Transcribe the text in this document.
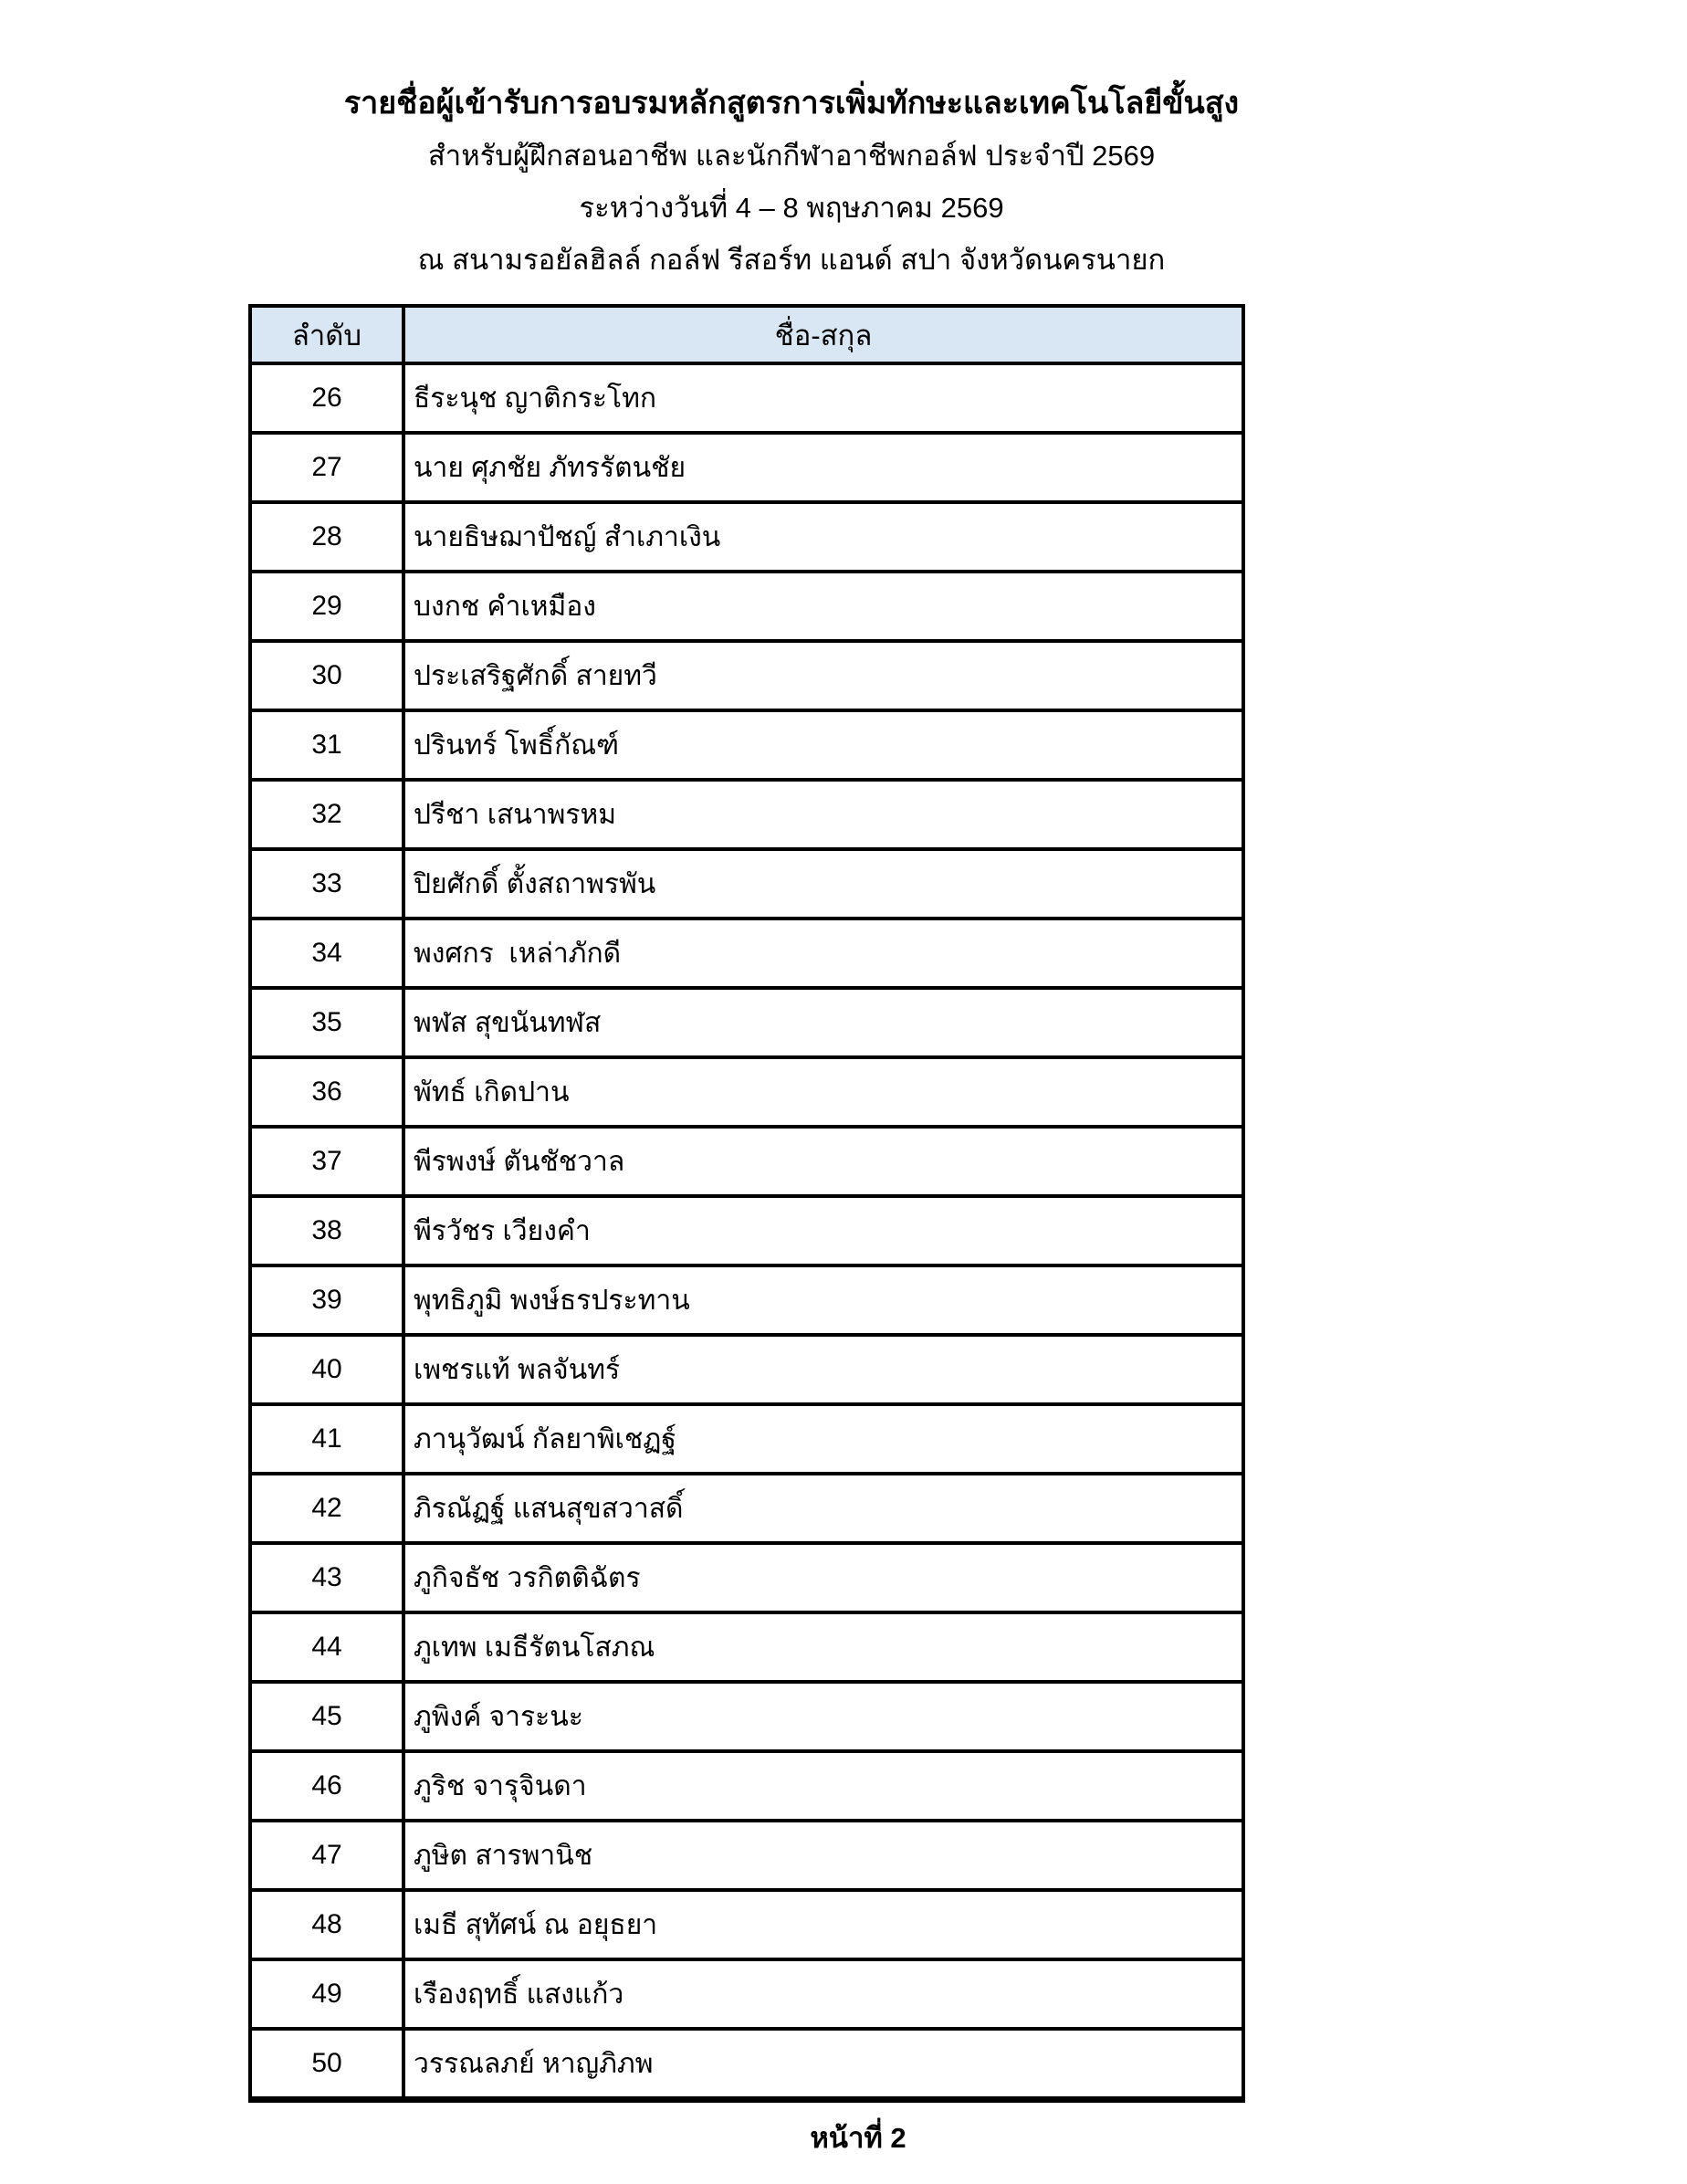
รายชื่อผู้เข้ารับการอบรมหลักสูตรการเพิ่มทักษะและเทคโนโลยีขั้นสูง
สำหรับผู้ฝึกสอนอาชีพ และนักกีฬาอาชีพกอล์ฟ ประจำปี 2569
ระหว่างวันที่ 4 – 8 พฤษภาคม 2569
ณ สนามรอยัลฮิลล์ กอล์ฟ รีสอร์ท แอนด์ สปา จังหวัดนครนายก
ลำดับ	ชื่อ-สกุล
26	ธีระนุช ญาติกระโทก
27	นาย ศุภชัย ภัทรรัตนชัย
28	นายธิษฌาปัชญ์ สำเภาเงิน
29	บงกช คำเหมือง
30	ประเสริฐศักดิ์ สายทวี
31	ปรินทร์ โพธิ์กัณฑ์
32	ปรีชา เสนาพรหม
33	ปิยศักดิ์ ตั้งสถาพรพัน
34	พงศกร  เหล่าภักดี
35	พฬส สุขนันทฬส
36	พัทธ์ เกิดปาน
37	พีรพงษ์ ตันชัชวาล
38	พีรวัชร เวียงคำ
39	พุทธิภูมิ พงษ์ธรประทาน
40	เพชรแท้ พลจันทร์
41	ภานุวัฒน์ กัลยาพิเชฏฐ์
42	ภิรณัฏฐ์ แสนสุขสวาสดิ์
43	ภูกิจธัช วรกิตติฉัตร
44	ภูเทพ เมธีรัตนโสภณ
45	ภูพิงค์ จาระนะ
46	ภูริช จารุจินดา
47	ภูษิต สารพานิช
48	เมธี สุทัศน์ ณ อยุธยา
49	เรืองฤทธิ์ แสงแก้ว
50	วรรณลภย์ หาญภิภพ
หน้าที่ 2
